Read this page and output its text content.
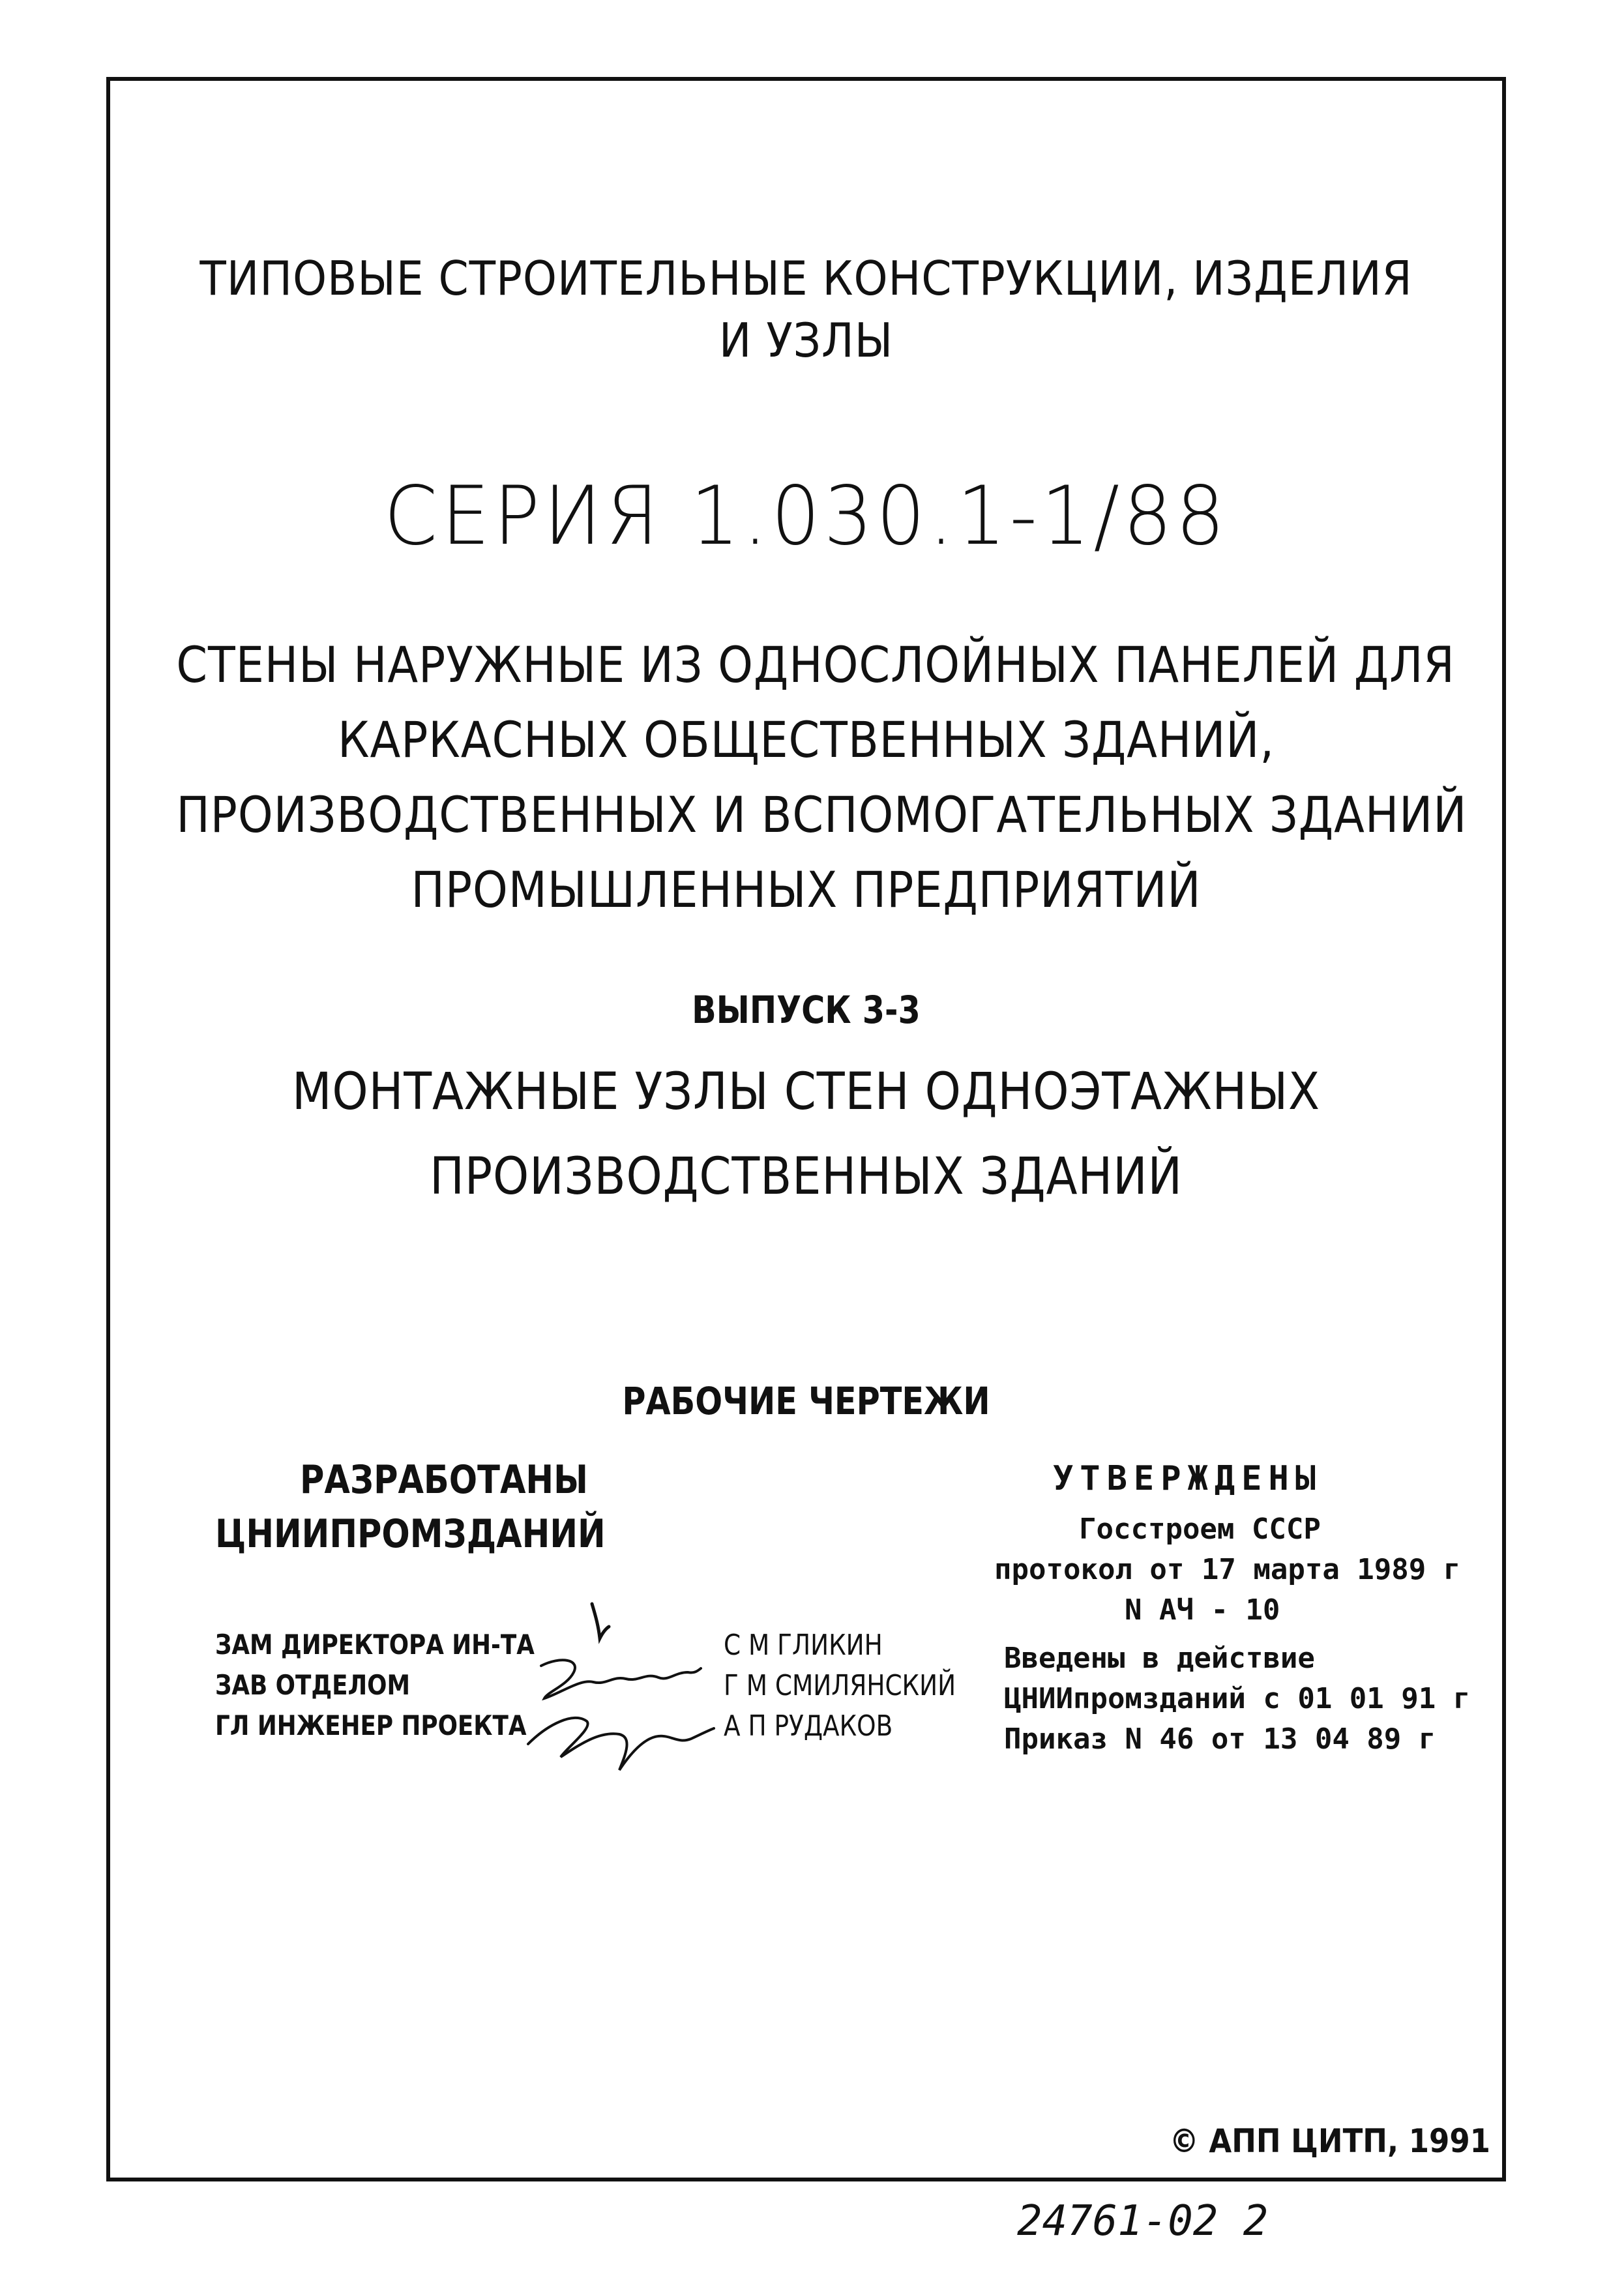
ТИПОВЫЕ СТРОИТЕЛЬНЫЕ КОНСТРУКЦИИ, ИЗДЕЛИЯ
И УЗЛЫ
СЕРИЯ 1.030.1-1/88
СТЕНЫ НАРУЖНЫЕ ИЗ ОДНОСЛОЙНЫХ ПАНЕЛЕЙ ДЛЯ
КАРКАСНЫХ ОБЩЕСТВЕННЫХ ЗДАНИЙ,
ПРОИЗВОДСТВЕННЫХ И ВСПОМОГАТЕЛЬНЫХ ЗДАНИЙ
ПРОМЫШЛЕННЫХ ПРЕДПРИЯТИЙ
ВЫПУСК 3-3
МОНТАЖНЫЕ УЗЛЫ СТЕН ОДНОЭТАЖНЫХ
ПРОИЗВОДСТВЕННЫХ ЗДАНИЙ
РАБОЧИЕ ЧЕРТЕЖИ
РАЗРАБОТАНЫ
ЦНИИПРОМЗДАНИЙ
ЗАМ ДИРЕКТОРА ИН-ТА
ЗАВ ОТДЕЛОМ
ГЛ ИНЖЕНЕР ПРОЕКТА
С М ГЛИКИН
Г М СМИЛЯНСКИЙ
А П РУДАКОВ
УТВЕРЖДЕНЫ
Госстроем СССР
протокол от 17 марта 1989 г
N АЧ - 10
Введены в действие
ЦНИИпромзданий с 01 01 91 г
Приказ N 46 от 13 04 89 г
© АПП ЦИТП, 1991
24761-02 2
